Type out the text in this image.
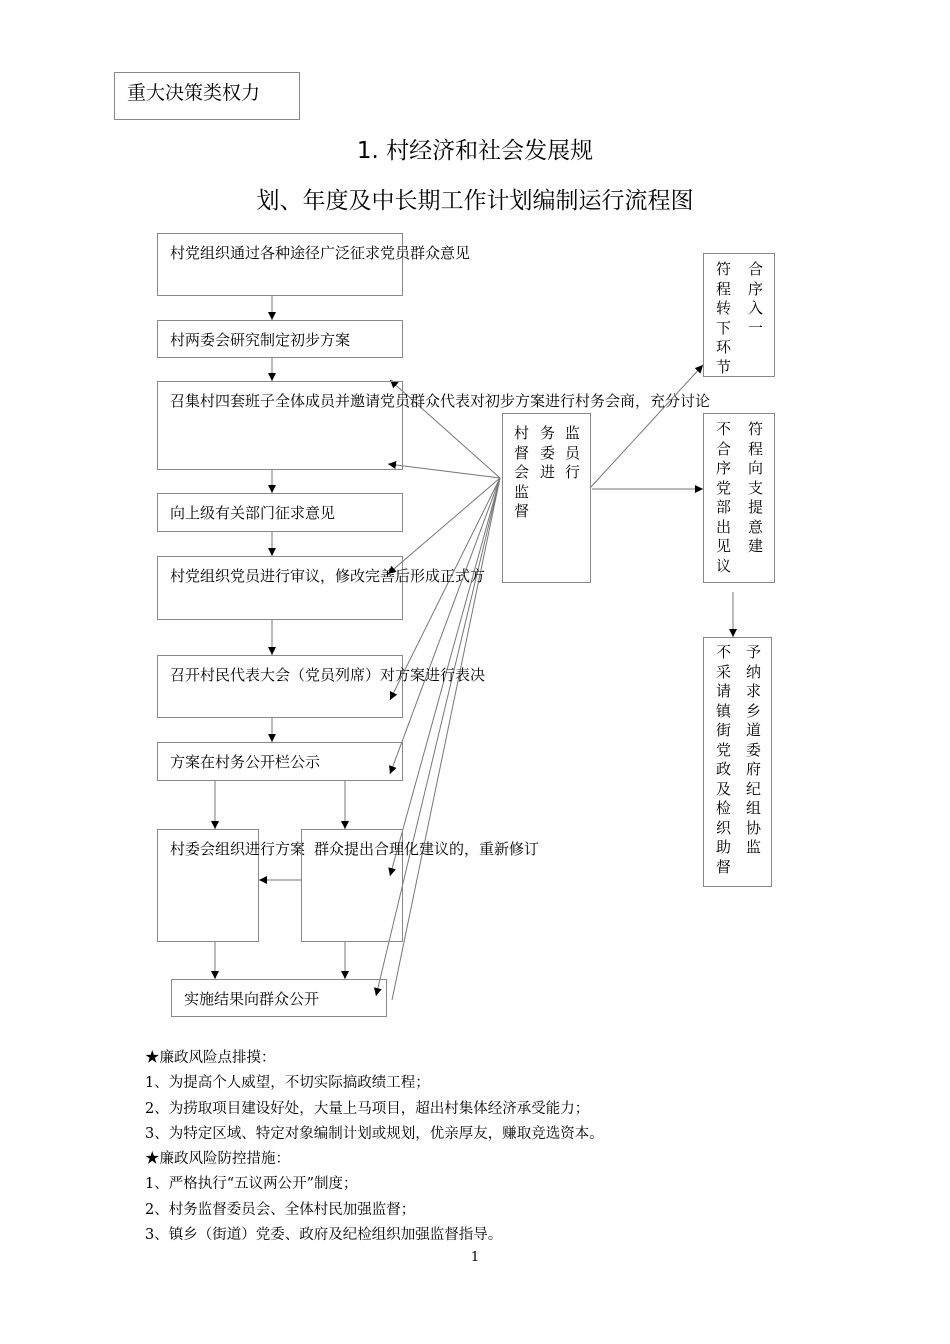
重大决策类权力
1. 村经济和社会发展规
划、年度及中长期工作计划编制运行流程图
村党组织通过各种途径广泛征求党员群众意见
村两委会研究制定初步方案
召集村四套班子全体成员并邀请党员群众代表对初步方案进行村务会商，充分讨论
向上级有关部门征求意见
村党组织党员进行审议，修改完善后形成正式方
召开村民代表大会（党员列席）对方案进行表决
方案在村务公开栏公示
村委会组织进行方案 群众提出合理化建议的，重新修订
实施结果向群众公开
村督会监督
务委进
监员行
符程转下环节
合序入一
不合序党部出见议
符程向支提意建
不采请镇街党政及检织助督
予纳求乡道委府纪组协监
★廉政风险点排摸：
1、为提高个人威望，不切实际搞政绩工程；
2、为捞取项目建设好处，大量上马项目，超出村集体经济承受能力；
3、为特定区域、特定对象编制计划或规划，优亲厚友，赚取竞选资本。
★廉政风险防控措施：
1、严格执行“五议两公开”制度；
2、村务监督委员会、全体村民加强监督；
3、镇乡（街道）党委、政府及纪检组织加强监督指导。
1
